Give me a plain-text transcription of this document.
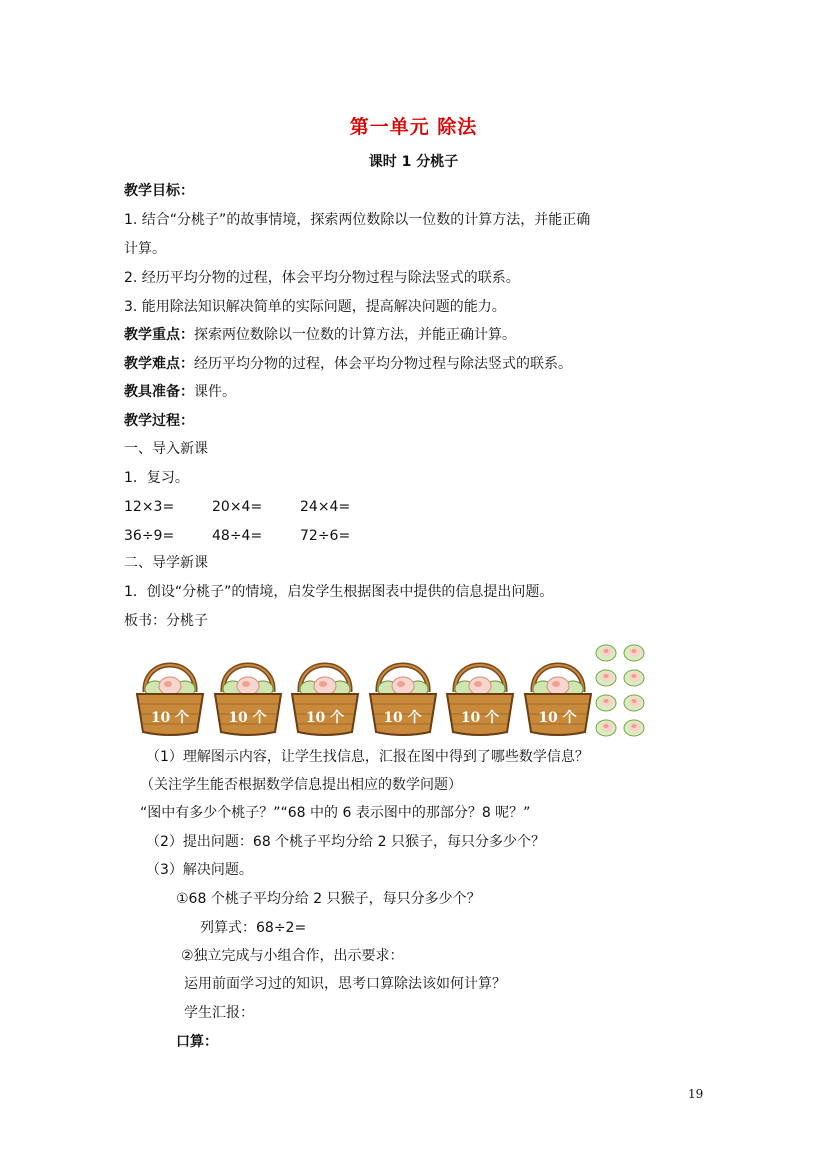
第一单元 除法
课时 1 分桃子
教学目标：
1. 结合“分桃子”的故事情境，探索两位数除以一位数的计算方法，并能正确
计算。
2. 经历平均分物的过程，体会平均分物过程与除法竖式的联系。
3. 能用除法知识解决简单的实际问题，提高解决问题的能力。
教学重点：探索两位数除以一位数的计算方法，并能正确计算。
教学难点：经历平均分物的过程，体会平均分物过程与除法竖式的联系。
教具准备：课件。
教学过程：
一、导入新课
1．复习。
12×3=	20×4=	24×4=
36÷9=	48÷4=	72÷6=
二、导学新课
1．创设“分桃子”的情境，启发学生根据图表中提供的信息提出问题。
板书：分桃子
10 个	10 个	10 个	10 个	10 个	10 个
（1）理解图示内容，让学生找信息，汇报在图中得到了哪些数学信息？
（关注学生能否根据数学信息提出相应的数学问题）
“图中有多少个桃子？”“68 中的 6 表示图中的那部分？8 呢？”
（2）提出问题：68 个桃子平均分给 2 只猴子，每只分多少个？
（3）解决问题。
①68 个桃子平均分给 2 只猴子，每只分多少个？
列算式：68÷2=
②独立完成与小组合作，出示要求：
运用前面学习过的知识，思考口算除法该如何计算？
学生汇报：
口算：
19
